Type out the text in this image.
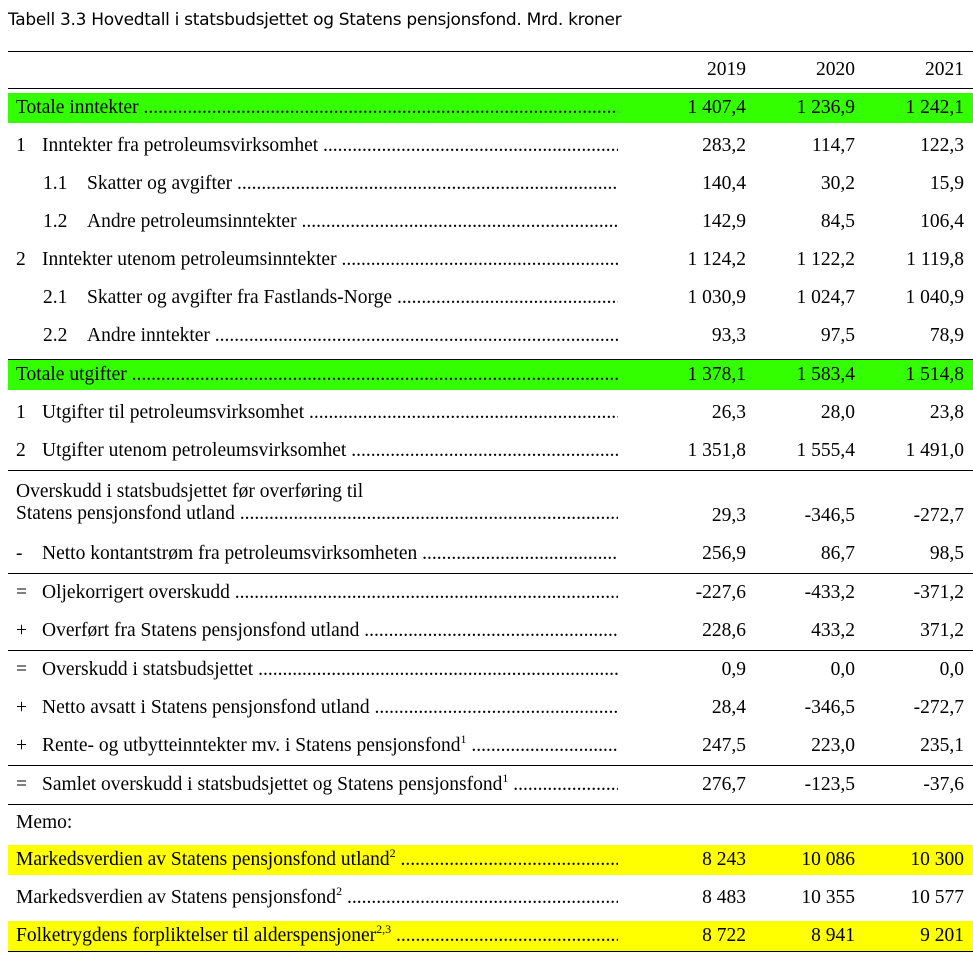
Tabell 3.3 Hovedtall i statsbudsjettet og Statens pensjonsfond. Mrd. kroner
2019	2020	2021
Totale inntekter .....	1 407,4	1 236,9	1 242,1
1 Inntekter fra petroleumsvirksomhet .....	283,2	114,7	122,3
1.1 Skatter og avgifter .....	140,4	30,2	15,9
1.2 Andre petroleumsinntekter .....	142,9	84,5	106,4
2 Inntekter utenom petroleumsinntekter .....	1 124,2	1 122,2	1 119,8
2.1 Skatter og avgifter fra Fastlands-Norge .....	1 030,9	1 024,7	1 040,9
2.2 Andre inntekter .....	93,3	97,5	78,9
Totale utgifter .....	1 378,1	1 583,4	1 514,8
1 Utgifter til petroleumsvirksomhet .....	26,3	28,0	23,8
2 Utgifter utenom petroleumsvirksomhet .....	1 351,8	1 555,4	1 491,0
Overskudd i statsbudsjettet før overføring til
Statens pensjonsfond utland .....	29,3	-346,5	-272,7
- Netto kontantstrøm fra petroleumsvirksomheten .....	256,9	86,7	98,5
= Oljekorrigert overskudd .....	-227,6	-433,2	-371,2
+ Overført fra Statens pensjonsfond utland .....	228,6	433,2	371,2
= Overskudd i statsbudsjettet .....	0,9	0,0	0,0
+ Netto avsatt i Statens pensjonsfond utland .....	28,4	-346,5	-272,7
+ Rente- og utbytteinntekter mv. i Statens pensjonsfond$^1$ .....	247,5	223,0	235,1
= Samlet overskudd i statsbudsjettet og Statens pensjonsfond$^1$ .....	276,7	-123,5	-37,6
Memo:
Markedsverdien av Statens pensjonsfond utland$^2$ .....	8 243	10 086	10 300
Markedsverdien av Statens pensjonsfond$^2$ .....	8 483	10 355	10 577
Folketrygdens forpliktelser til alderspensjoner$^{2,3}$ .....	8 722	8 941	9 201
